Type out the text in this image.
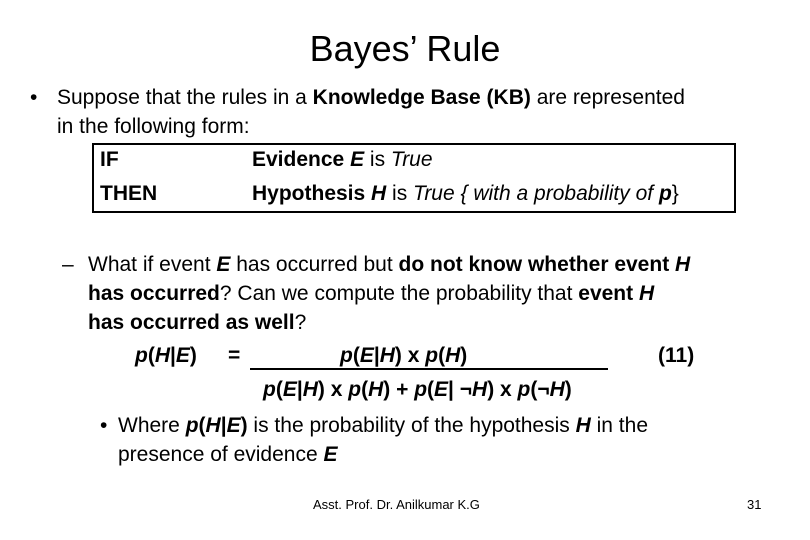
Bayes’ Rule
• Suppose that the rules in a Knowledge Base (KB) are represented
in the following form:
IF	Evidence E is True
THEN	Hypothesis H is True { with a probability of p}
– What if event E has occurred but do not know whether event H
has occurred? Can we compute the probability that event H
has occurred as well?
p(H|E) =	p(E|H) x p(H)	(11)
p(E|H) x p(H) + p(E| ¬H) x p(¬H)
• Where p(H|E) is the probability of the hypothesis H in the
presence of evidence E
Asst. Prof. Dr. Anilkumar K.G	31
